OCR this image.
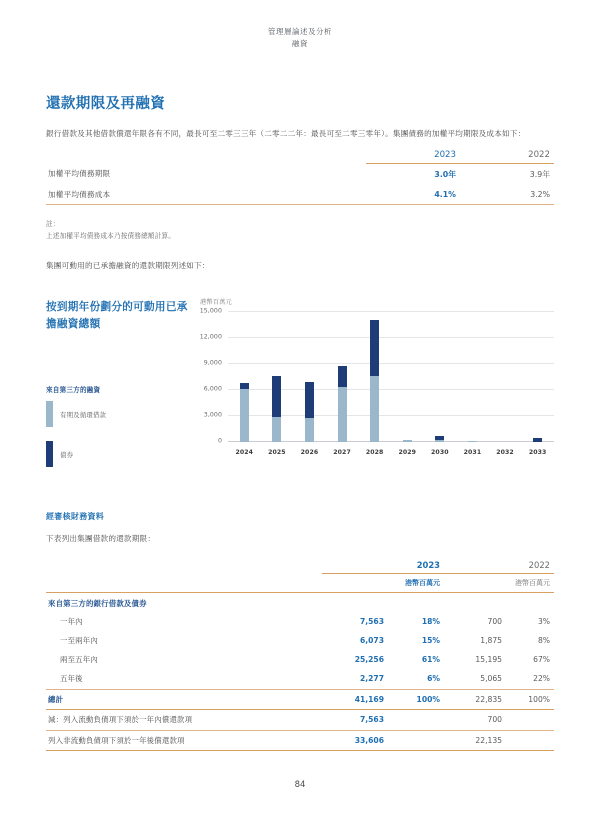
管理層論述及分析
融資
還款期限及再融資

銀行借款及其他借款償還年限各有不同，最長可至二零三三年（二零二二年：最長可至二零三零年）。集團債務的加權平均期限及成本如下：

	2023	2022
加權平均債務期限	3.0年	3.9年
加權平均債務成本	4.1%	3.2%

註：

上述加權平均債務成本乃按債務總額計算。

集團可動用的已承擔融資的還款期限列述如下：

按到期年份劃分的可動用已承擔融資總額

來自第三方的融資

有期及循環借款
債券

港幣百萬元

0
3,000
6,000
9,000
12,000
15,000
2024	2025	2026	2027	2028	2029	2030	2031	2032	2033
經審核財務資料

下表列出集團借款的還款期限：

	2023		2022	
	港幣百萬元		港幣百萬元	

來自第三方的銀行借款及債券				
一年內	7,563	18%	700	3%
一至兩年內	6,073	15%	1,875	8%
兩至五年內	25,256	61%	15,195	67%
五年後	2,277	6%	5,065	22%

總計	41,169	100%	22,835	100%

減：列入流動負債項下須於一年內償還款項	7,563		700	

列入非流動負債項下須於一年後償還款項	33,606		22,135	

84
